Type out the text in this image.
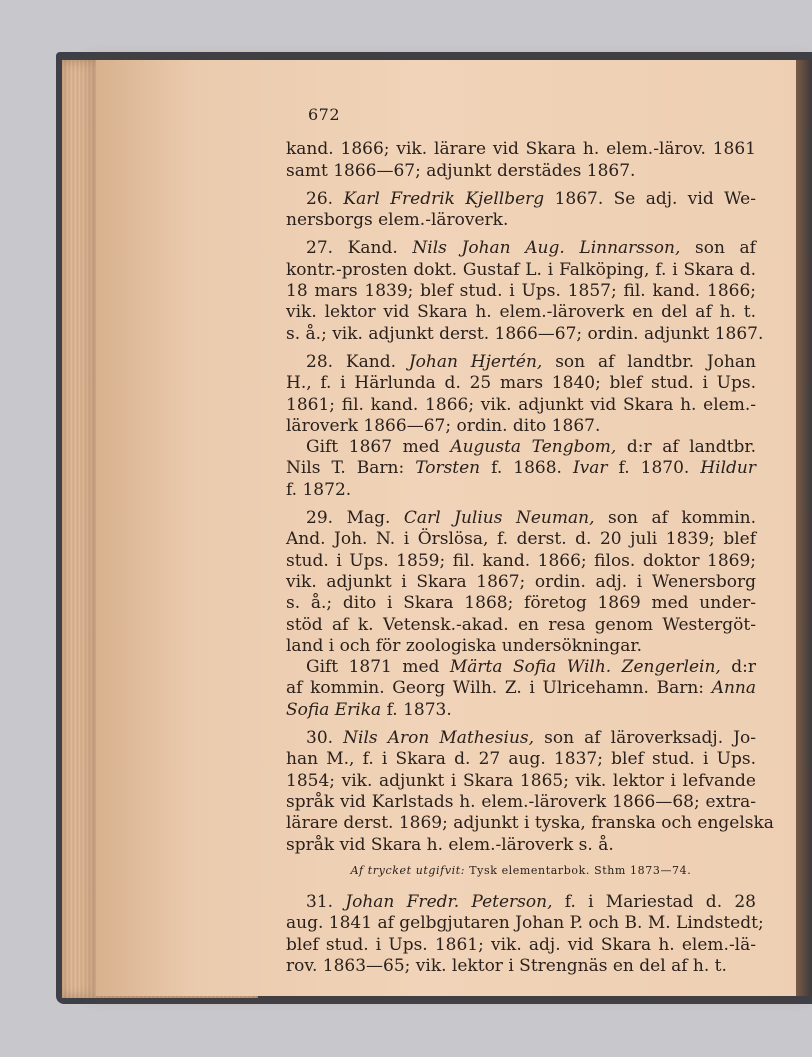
672
kand. 1866; vik. lärare vid Skara h. elem.-lärov. 1861
samt 1866—67; adjunkt derstädes 1867.
26. Karl Fredrik Kjellberg 1867. Se adj. vid We-
nersborgs elem.-läroverk.
27. Kand. Nils Johan Aug. Linnarsson, son af
kontr.-prosten dokt. Gustaf L. i Falköping, f. i Skara d.
18 mars 1839; blef stud. i Ups. 1857; fil. kand. 1866;
vik. lektor vid Skara h. elem.-läroverk en del af h. t.
s. å.; vik. adjunkt derst. 1866—67; ordin. adjunkt 1867.
28. Kand. Johan Hjertén, son af landtbr. Johan
H., f. i Härlunda d. 25 mars 1840; blef stud. i Ups.
1861; fil. kand. 1866; vik. adjunkt vid Skara h. elem.-
läroverk 1866—67; ordin. dito 1867.
Gift 1867 med Augusta Tengbom, d:r af landtbr.
Nils T. Barn: Torsten f. 1868. Ivar f. 1870. Hildur
f. 1872.
29. Mag. Carl Julius Neuman, son af kommin.
And. Joh. N. i Örslösa, f. derst. d. 20 juli 1839; blef
stud. i Ups. 1859; fil. kand. 1866; filos. doktor 1869;
vik. adjunkt i Skara 1867; ordin. adj. i Wenersborg
s. å.; dito i Skara 1868; företog 1869 med under-
stöd af k. Vetensk.-akad. en resa genom Westergöt-
land i och för zoologiska undersökningar.
Gift 1871 med Märta Sofia Wilh. Zengerlein, d:r
af kommin. Georg Wilh. Z. i Ulricehamn. Barn: Anna
Sofia Erika f. 1873.
30. Nils Aron Mathesius, son af läroverksadj. Jo-
han M., f. i Skara d. 27 aug. 1837; blef stud. i Ups.
1854; vik. adjunkt i Skara 1865; vik. lektor i lefvande
språk vid Karlstads h. elem.-läroverk 1866—68; extra-
lärare derst. 1869; adjunkt i tyska, franska och engelska
språk vid Skara h. elem.-läroverk s. å.
Af trycket utgifvit: Tysk elementarbok. Sthm 1873—74.
31. Johan Fredr. Peterson, f. i Mariestad d. 28
aug. 1841 af gelbgjutaren Johan P. och B. M. Lindstedt;
blef stud. i Ups. 1861; vik. adj. vid Skara h. elem.-lä-
rov. 1863—65; vik. lektor i Strengnäs en del af h. t.
